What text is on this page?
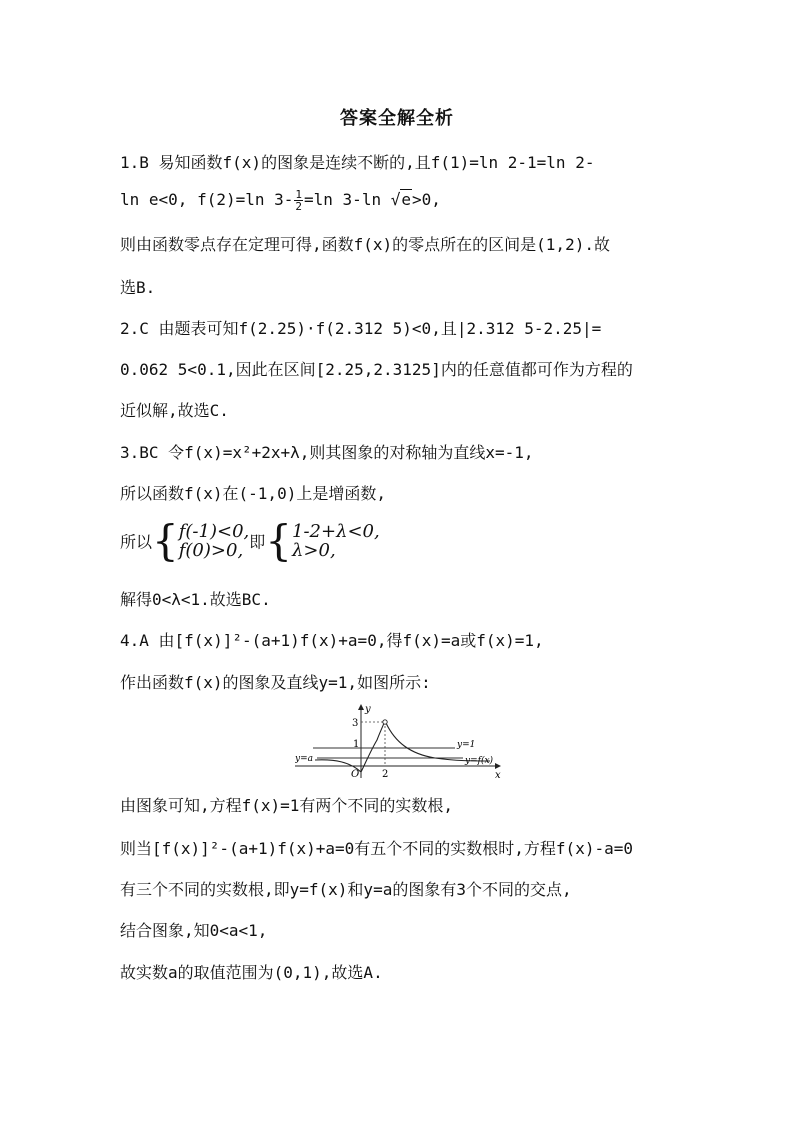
答案全解全析
1.B 易知函数f(x)的图象是连续不断的,且f(1)=ln 2-1=ln 2-
ln e<0, f(2)=ln $3- \frac{1}{2} =\ln$ 3-ln √e>0,
则由函数零点存在定理可得,函数f(x)的零点所在的区间是(1,2).故
选B.
2.C 由题表可知f(2.25)·f(2.312 5)<0,且|2.312 5-2.25|=
0.062 5<0.1,因此在区间[2.25,2.3125]内的任意值都可作为方程的
近似解,故选C.
3.BC 令f(x)=x²+2x+λ,则其图象的对称轴为直线x=-1,
所以函数f(x)在(-1,0)上是增函数,
所以{ f(-1)<0,
f(0)>0, 即{ 1-2+λ<0,
λ>0,
解得0<λ<1.故选BC.
4.A 由[f(x)]²-(a+1)f(x)+a=0,得f(x)=a或f(x)=1,
作出函数f(x)的图象及直线y=1,如图所示:
y
x
O
3
1
2
y=1
y=a	y=f(x)
由图象可知,方程f(x)=1有两个不同的实数根,
则当[f(x)]²-(a+1)f(x)+a=0有五个不同的实数根时,方程f(x)-a=0
有三个不同的实数根,即y=f(x)和y=a的图象有3个不同的交点,
结合图象,知0<a<1,
故实数a的取值范围为(0,1),故选A.
